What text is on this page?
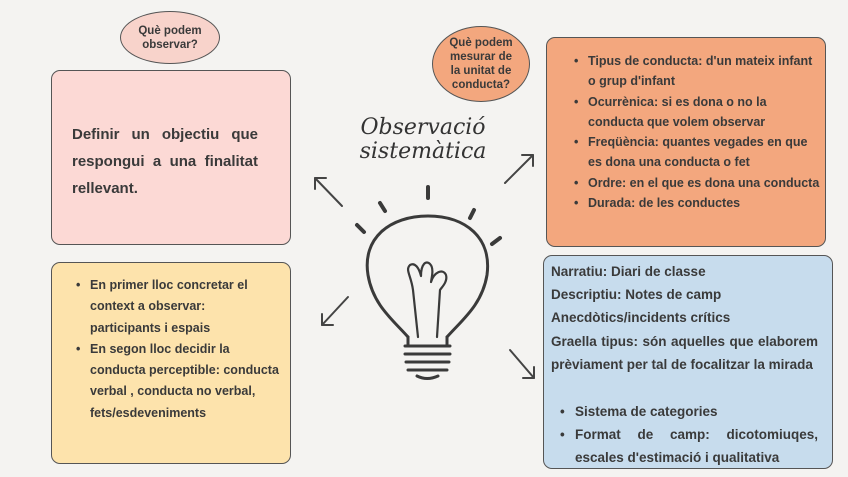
Què podem
observar?	Què podem
mesurar de
la unitat de
conducta?

Definir un objectiu que respongui a una finalitat rellevant.

• En primer lloc concretar el context a observar: participants i espais
• En segon lloc decidir la conducta perceptible: conducta verbal , conducta no verbal, fets/esdeveniments
Observació
sistemàtica
• Tipus de conducta: d'un mateix infant o grup d'infant
• Ocurrènica: si es dona o no la conducta que volem observar
• Freqüència: quantes vegades en que es dona una conducta o fet
• Ordre: en el que es dona una conducta
• Durada: de les conductes
Narratiu: Diari de classe
Descriptiu: Notes de camp
Anecdòtics/incidents crítics
Graella tipus: són aquelles que elaborem prèviament per tal de focalitzar la mirada
• Sistema de categories
• Format de camp: dicotomiuqes, escales d'estimació i qualitativa
